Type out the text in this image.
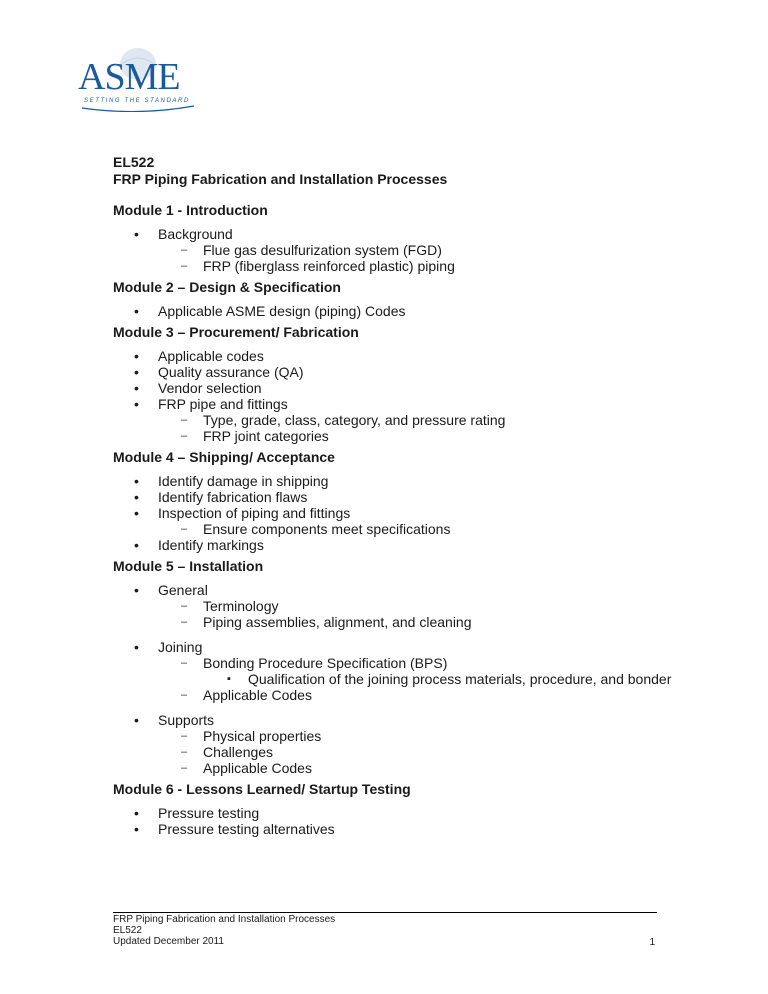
ASME
SETTING THE STANDARD
EL522
FRP Piping Fabrication and Installation Processes
Module 1 - Introduction
• Background
– Flue gas desulfurization system (FGD)
– FRP (fiberglass reinforced plastic) piping
Module 2 – Design & Specification
• Applicable ASME design (piping) Codes
Module 3 – Procurement/ Fabrication
• Applicable codes
• Quality assurance (QA)
• Vendor selection
• FRP pipe and fittings
– Type, grade, class, category, and pressure rating
– FRP joint categories
Module 4 – Shipping/ Acceptance
• Identify damage in shipping
• Identify fabrication flaws
• Inspection of piping and fittings
– Ensure components meet specifications
• Identify markings
Module 5 – Installation
• General
– Terminology
– Piping assemblies, alignment, and cleaning
• Joining
– Bonding Procedure Specification (BPS)
▪ Qualification of the joining process materials, procedure, and bonder
– Applicable Codes
• Supports
– Physical properties
– Challenges
– Applicable Codes
Module 6 - Lessons Learned/ Startup Testing
• Pressure testing
• Pressure testing alternatives
FRP Piping Fabrication and Installation Processes
EL522
Updated December 2011	1
